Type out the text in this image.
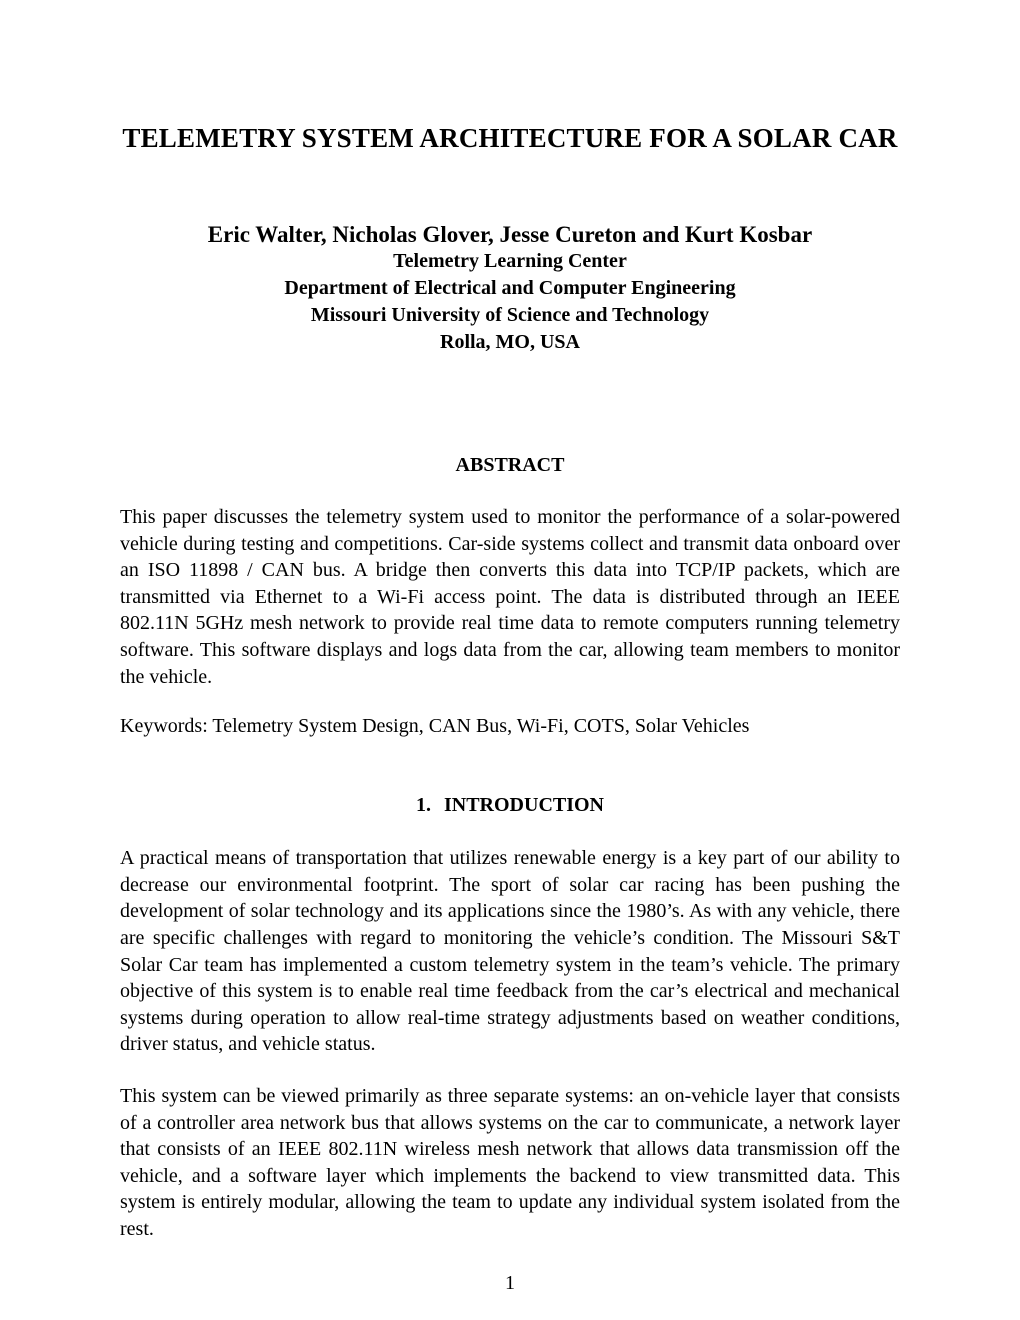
TELEMETRY SYSTEM ARCHITECTURE FOR A SOLAR CAR
Eric Walter, Nicholas Glover, Jesse Cureton and Kurt Kosbar
Telemetry Learning Center
Department of Electrical and Computer Engineering
Missouri University of Science and Technology
Rolla, MO, USA
ABSTRACT

This paper discusses the telemetry system used to monitor the performance of a solar-powered vehicle during testing and competitions. Car-side systems collect and transmit data onboard over an ISO 11898 / CAN bus. A bridge then converts this data into TCP/IP packets, which are transmitted via Ethernet to a Wi-Fi access point. The data is distributed through an IEEE 802.11N 5GHz mesh network to provide real time data to remote computers running telemetry software. This software displays and logs data from the car, allowing team members to monitor the vehicle.

Keywords: Telemetry System Design, CAN Bus, Wi-Fi, COTS, Solar Vehicles

1. INTRODUCTION

A practical means of transportation that utilizes renewable energy is a key part of our ability to decrease our environmental footprint. The sport of solar car racing has been pushing the development of solar technology and its applications since the 1980’s. As with any vehicle, there are specific challenges with regard to monitoring the vehicle’s condition. The Missouri S&T Solar Car team has implemented a custom telemetry system in the team’s vehicle. The primary objective of this system is to enable real time feedback from the car’s electrical and mechanical systems during operation to allow real-time strategy adjustments based on weather conditions, driver status, and vehicle status.

This system can be viewed primarily as three separate systems: an on-vehicle layer that consists of a controller area network bus that allows systems on the car to communicate, a network layer that consists of an IEEE 802.11N wireless mesh network that allows data transmission off the vehicle, and a software layer which implements the backend to view transmitted data. This system is entirely modular, allowing the team to update any individual system isolated from the rest.

1
